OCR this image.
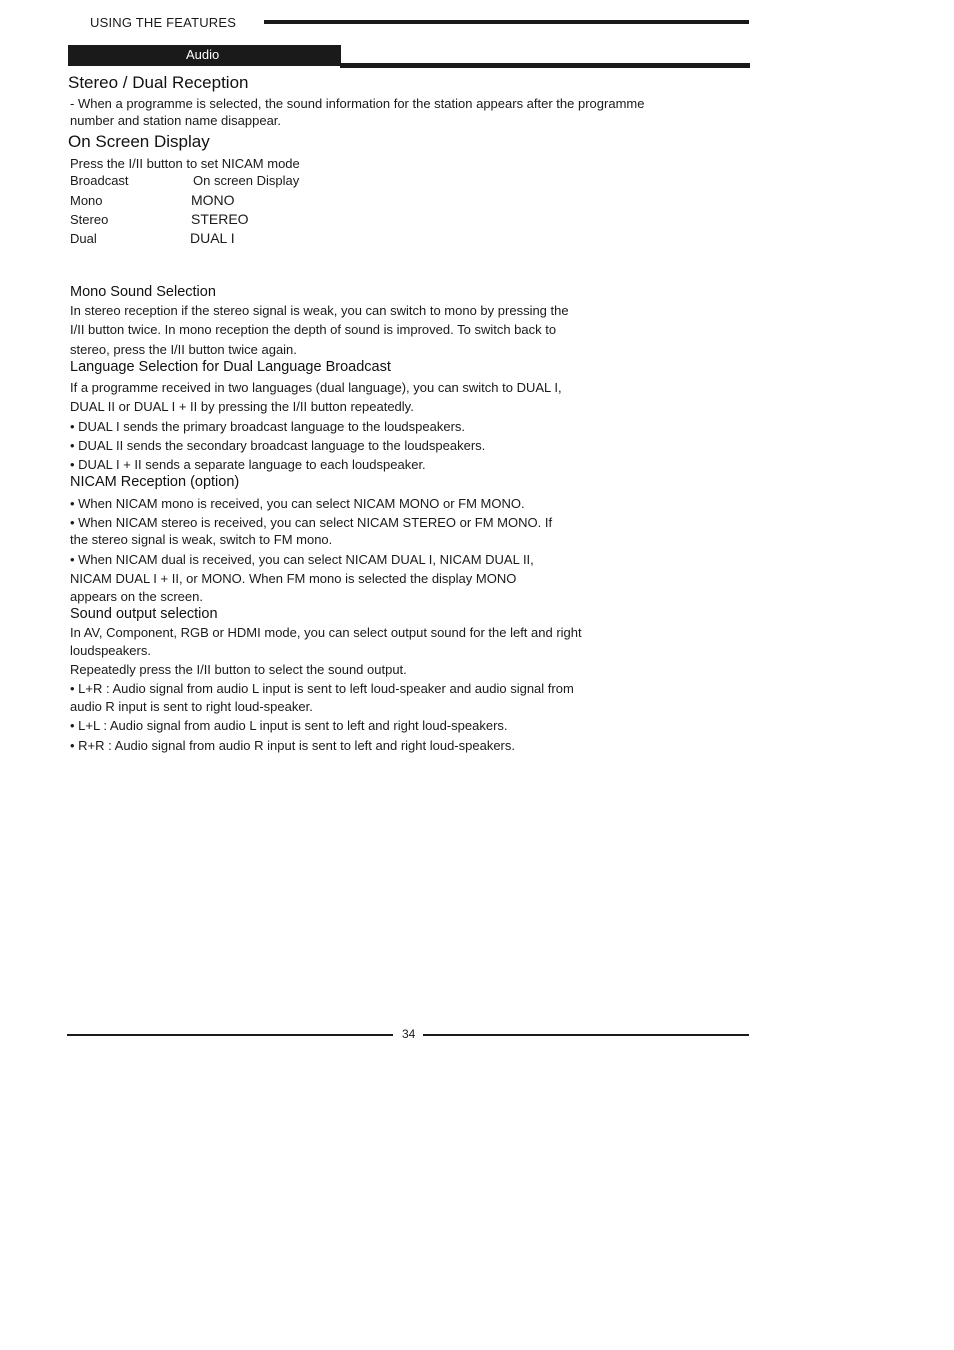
USING THE FEATURES
Audio
Stereo / Dual Reception
- When a programme is selected, the sound information for the station appears after the programme
number and station name disappear.
On Screen Display
Press the I/II button to set NICAM mode
Broadcast	On screen Display
Mono	MONO
Stereo	STEREO
Dual	DUAL I
Mono Sound Selection
In stereo reception if the stereo signal is weak, you can switch to mono by pressing the
I/II button twice. In mono reception the depth of sound is improved. To switch back to
stereo, press the I/II button twice again.
Language Selection for Dual Language Broadcast
If a programme received in two languages (dual language), you can switch to DUAL I,
DUAL II or DUAL I + II by pressing the I/II button repeatedly.
• DUAL I sends the primary broadcast language to the loudspeakers.
• DUAL II sends the secondary broadcast language to the loudspeakers.
• DUAL I + II sends a separate language to each loudspeaker.
NICAM Reception (option)
• When NICAM mono is received, you can select NICAM MONO or FM MONO.
• When NICAM stereo is received, you can select NICAM STEREO or FM MONO. If
the stereo signal is weak, switch to FM mono.
• When NICAM dual is received, you can select NICAM DUAL I, NICAM DUAL II,
NICAM DUAL I + II, or MONO. When FM mono is selected the display MONO
appears on the screen.
Sound output selection
In AV, Component, RGB or HDMI mode, you can select output sound for the left and right
loudspeakers.
Repeatedly press the I/II button to select the sound output.
• L+R : Audio signal from audio L input is sent to left loud-speaker and audio signal from
audio R input is sent to right loud-speaker.
• L+L : Audio signal from audio L input is sent to left and right loud-speakers.
• R+R : Audio signal from audio R input is sent to left and right loud-speakers.
34
